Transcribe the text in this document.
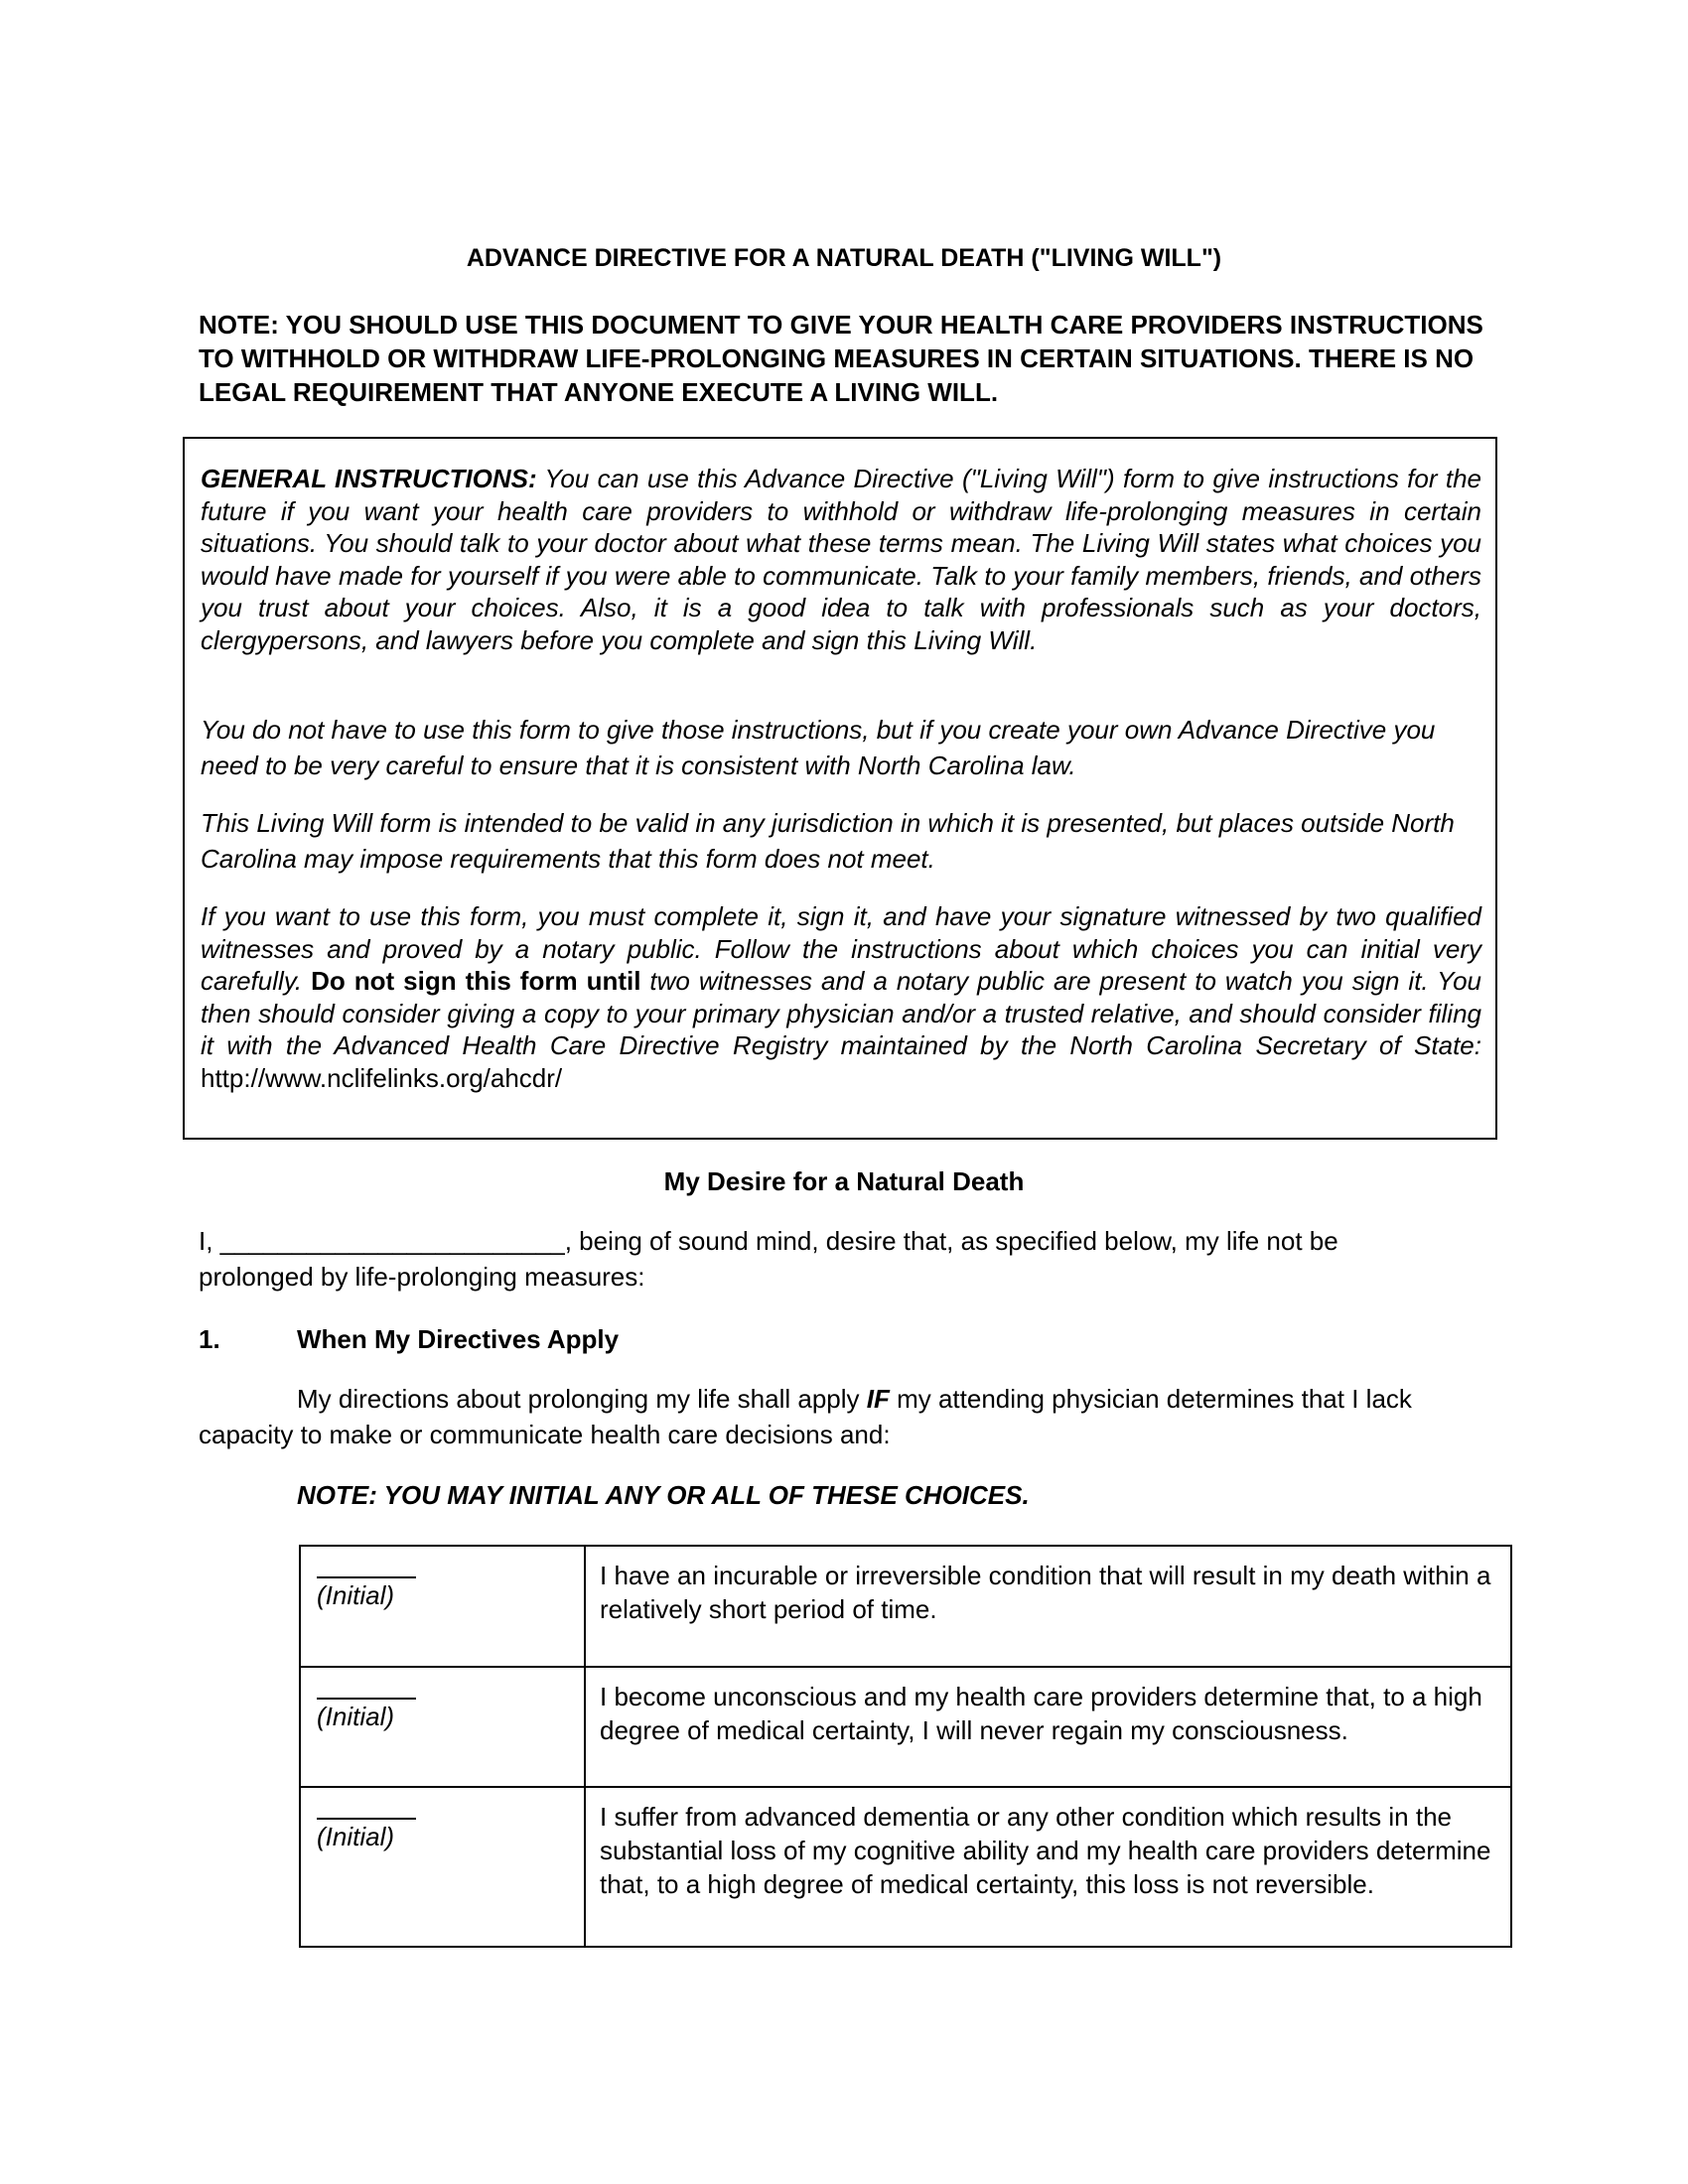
ADVANCE DIRECTIVE FOR A NATURAL DEATH ("LIVING WILL")
NOTE: YOU SHOULD USE THIS DOCUMENT TO GIVE YOUR HEALTH CARE PROVIDERS INSTRUCTIONS TO WITHHOLD OR WITHDRAW LIFE-PROLONGING MEASURES IN CERTAIN SITUATIONS. THERE IS NO LEGAL REQUIREMENT THAT ANYONE EXECUTE A LIVING WILL.

GENERAL INSTRUCTIONS: You can use this Advance Directive ("Living Will") form to give instructions for the future if you want your health care providers to withhold or withdraw life-prolonging measures in certain situations. You should talk to your doctor about what these terms mean. The Living Will states what choices you would have made for yourself if you were able to communicate. Talk to your family members, friends, and others you trust about your choices. Also, it is a good idea to talk with professionals such as your doctors, clergypersons, and lawyers before you complete and sign this Living Will.

You do not have to use this form to give those instructions, but if you create your own Advance Directive you need to be very careful to ensure that it is consistent with North Carolina law.

This Living Will form is intended to be valid in any jurisdiction in which it is presented, but places outside North Carolina may impose requirements that this form does not meet.

If you want to use this form, you must complete it, sign it, and have your signature witnessed by two qualified witnesses and proved by a notary public. Follow the instructions about which choices you can initial very carefully. Do not sign this form until two witnesses and a notary public are present to watch you sign it. You then should consider giving a copy to your primary physician and/or a trusted relative, and should consider filing it with the Advanced Health Care Directive Registry maintained by the North Carolina Secretary of State: http://www.nclifelinks.org/ahcdr/

My Desire for a Natural Death

I, ________________________, being of sound mind, desire that, as specified below, my life not be

prolonged by life-prolonging measures:

1.	When My Directives Apply

My directions about prolonging my life shall apply IF my attending physician determines that I lack

capacity to make or communicate health care decisions and:

NOTE: YOU MAY INITIAL ANY OR ALL OF THESE CHOICES.
(Initial)	I have an incurable or irreversible condition that will result in my death within a relatively short period of time.

(Initial)	I become unconscious and my health care providers determine that, to a high degree of medical certainty, I will never regain my consciousness.

(Initial)	I suffer from advanced dementia or any other condition which results in the substantial loss of my cognitive ability and my health care providers determine that, to a high degree of medical certainty, this loss is not reversible.
